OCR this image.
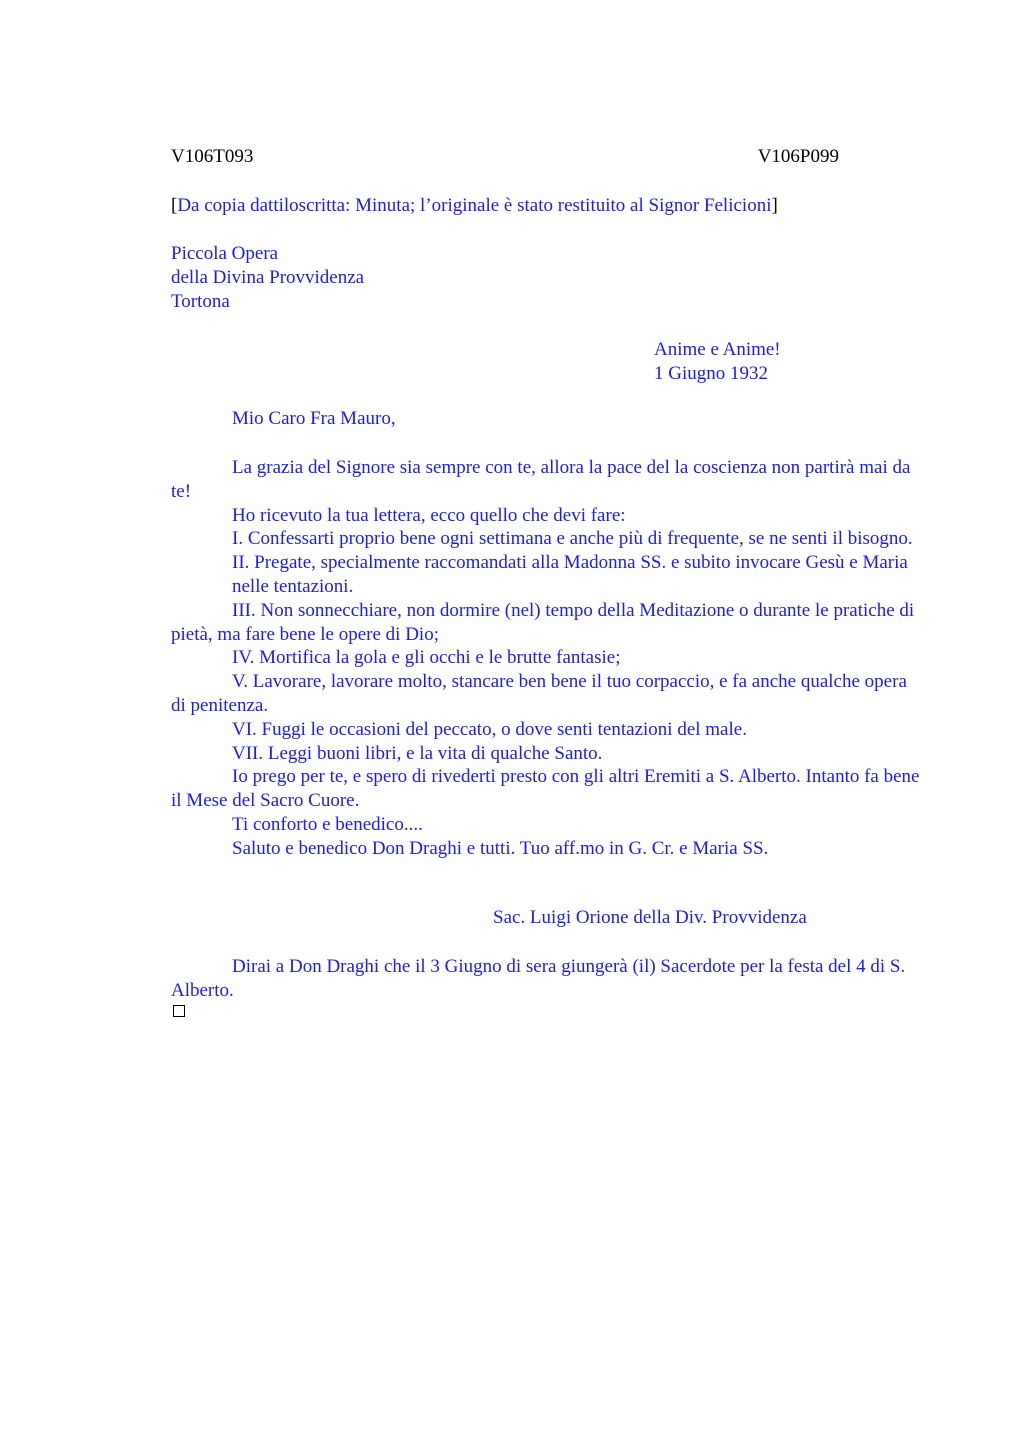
V106T093	V106P099
[Da copia dattiloscritta: Minuta; l’originale è stato restituito al Signor Felicioni]
Piccola Opera
della Divina Provvidenza
Tortona
Anime e Anime!
1 Giugno 1932
Mio Caro Fra Mauro,

La grazia del Signore sia sempre con te, allora la pace del la coscienza non partirà mai da te!

Ho ricevuto la tua lettera, ecco quello che devi fare:

I. Confessarti proprio bene ogni settimana e anche più di frequente, se ne senti il bisogno.

II. Pregate, specialmente raccomandati alla Madonna SS. e subito invocare Gesù e Maria nelle tentazioni.

III. Non sonnecchiare, non dormire (nel) tempo della Meditazione o durante le pratiche di pietà, ma fare bene le opere di Dio;

IV. Mortifica la gola e gli occhi e le brutte fantasie;

V. Lavorare, lavorare molto, stancare ben bene il tuo corpaccio, e fa anche qualche opera di penitenza.

VI. Fuggi le occasioni del peccato, o dove senti tentazioni del male.

VII. Leggi buoni libri, e la vita di qualche Santo.

Io prego per te, e spero di rivederti presto con gli altri Eremiti a S. Alberto. Intanto fa bene il Mese del Sacro Cuore.

Ti conforto e benedico....

Saluto e benedico Don Draghi e tutti. Tuo aff.mo in G. Cr. e Maria SS.

Sac. Luigi Orione della Div. Provvidenza
Dirai a Don Draghi che il 3 Giugno di sera giungerà (il) Sacerdote per la festa del 4 di S. Alberto.
